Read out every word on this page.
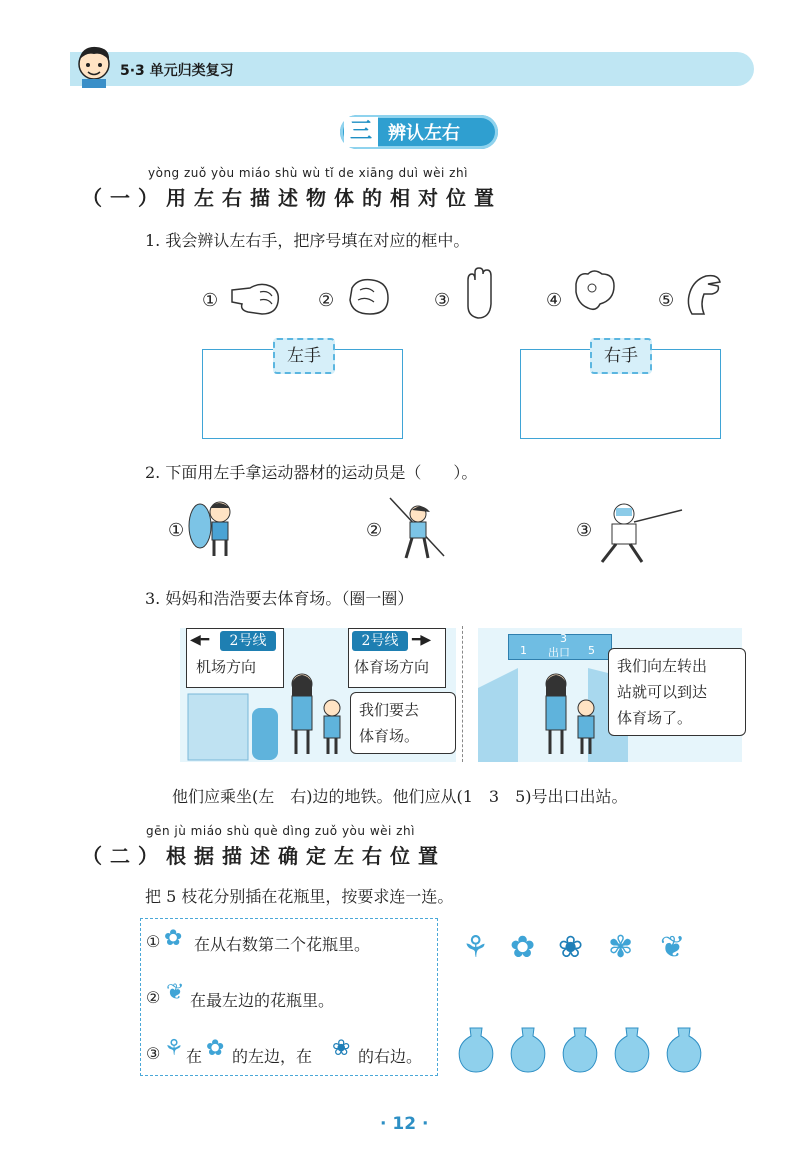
5·3 单元归类复习
三 辨认左右
yòng zuǒ yòu miáo shù wù tǐ de xiāng duì wèi zhì
（一）用左右描述物体的相对位置
1. 我会辨认左右手，把序号填在对应的框中。
①	②	③	④	⑤
左手	右手
2. 下面用左手拿运动器材的运动员是（　　）。
①	②	③
3. 妈妈和浩浩要去体育场。（圈一圈）
◀━	2号线
机场方向
2号线 ━▶
体育场方向
我们要去
体育场。
3
1 出口 5
我们向左转出
站就可以到达
体育场了。
他们应乘坐(左　右)边的地铁。他们应从(1　3　5)号出口出站。
gēn jù miáo shù què dìng zuǒ yòu wèi zhì
（二）根据描述确定左右位置
把 5 枝花分别插在花瓶里，按要求连一连。
① ✿ 在从右数第二个花瓶里。
② ❦ 在最左边的花瓶里。
③ ⚘ 在 ✿ 的左边，在 ❀ 的右边。
⚘ ✿ ❀ ✾ ❦
· 12 ·
